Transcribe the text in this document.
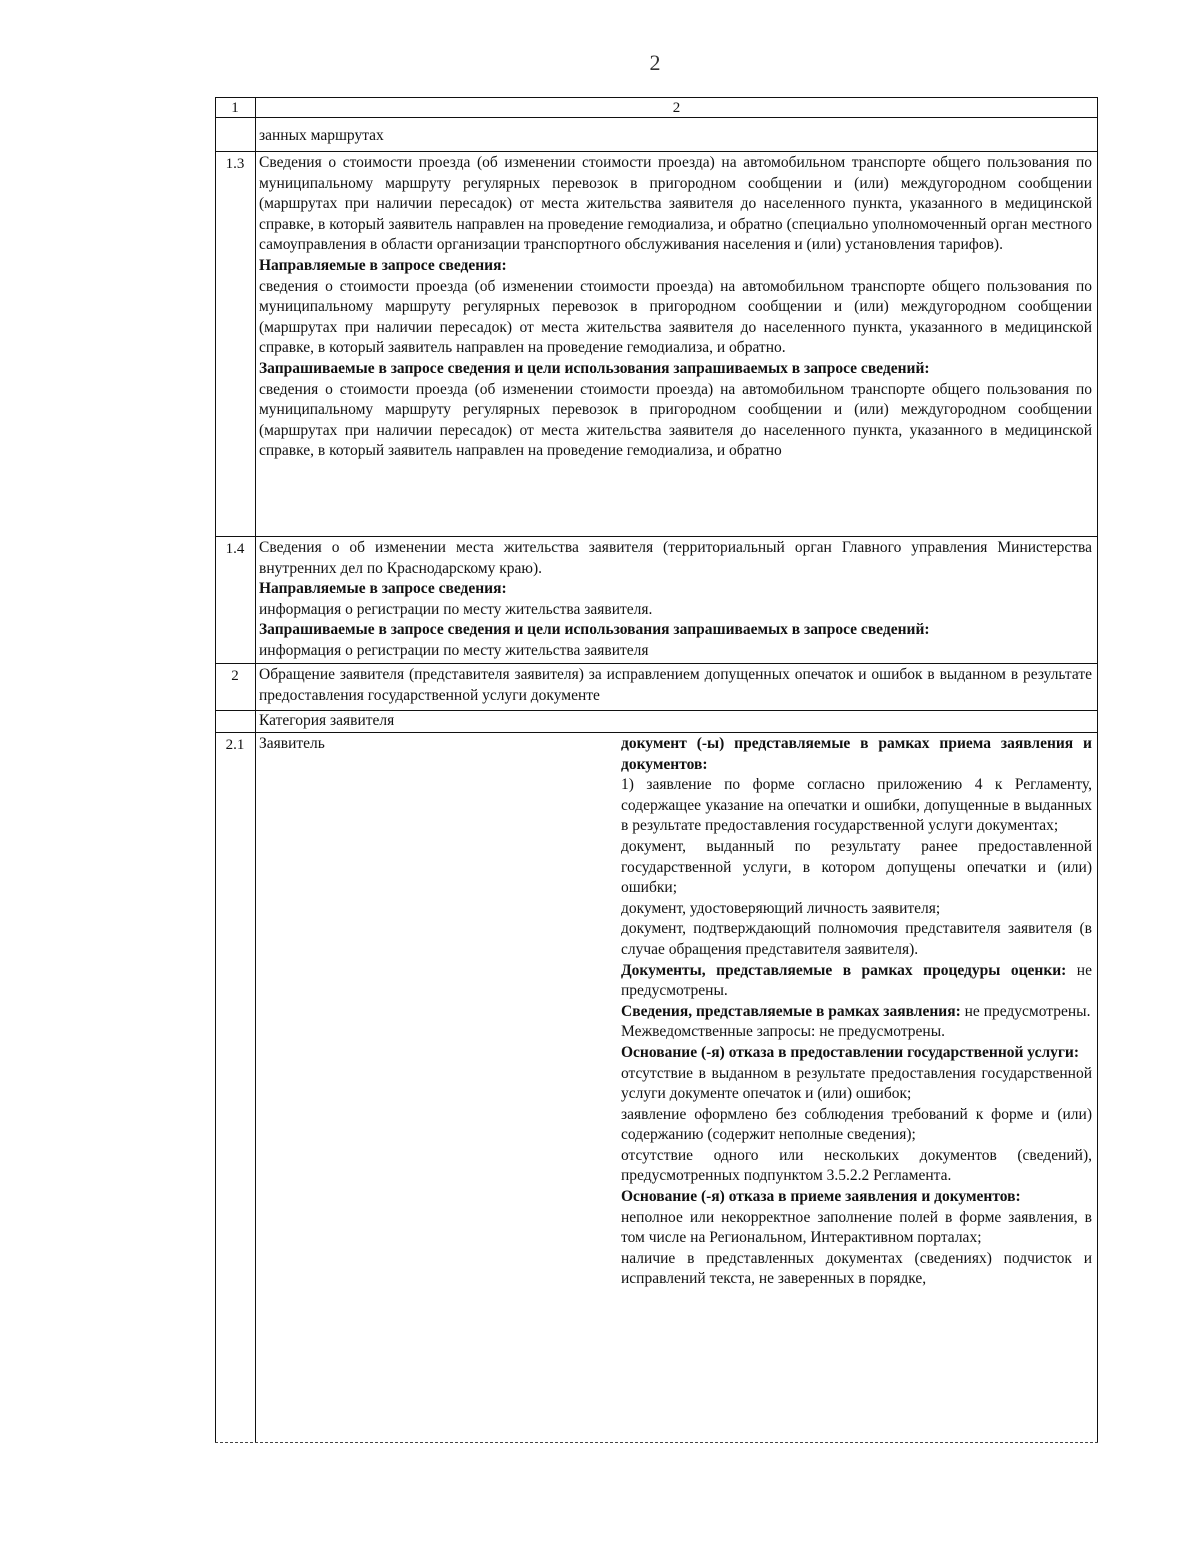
2
1	2
занных маршрутах
1.3 Сведения о стоимости проезда (об изменении стоимости проезда) на автомобильном транспорте общего пользования по муниципальному маршруту регулярных перевозок в пригородном сообщении и (или) междугородном сообщении (маршрутах при наличии пересадок) от места жительства заявителя до населенного пункта, указанного в медицинской справке, в который заявитель направлен на проведение гемодиализа, и обратно (специально уполномоченный орган местного самоуправления в области организации транспортного обслуживания населения и (или) установления тарифов).

Направляемые в запросе сведения:

сведения о стоимости проезда (об изменении стоимости проезда) на автомобильном транспорте общего пользования по муниципальному маршруту регулярных перевозок в пригородном сообщении и (или) междугородном сообщении (маршрутах при наличии пересадок) от места жительства заявителя до населенного пункта, указанного в медицинской справке, в который заявитель направлен на проведение гемодиализа, и обратно.

Запрашиваемые в запросе сведения и цели использования запрашиваемых в запросе сведений:

сведения о стоимости проезда (об изменении стоимости проезда) на автомобильном транспорте общего пользования по муниципальному маршруту регулярных перевозок в пригородном сообщении и (или) междугородном сообщении (маршрутах при наличии пересадок) от места жительства заявителя до населенного пункта, указанного в медицинской справке, в который заявитель направлен на проведение гемодиализа, и обратно

1.4 Сведения о об изменении места жительства заявителя (территориальный орган Главного управления Министерства внутренних дел по Краснодарскому краю).

Направляемые в запросе сведения:

информация о регистрации по месту жительства заявителя.

Запрашиваемые в запросе сведения и цели использования запрашиваемых в запросе сведений:

информация о регистрации по месту жительства заявителя

2	Обращение заявителя (представителя заявителя) за исправлением допущенных опечаток и ошибок в выданном в результате предоставления государственной услуги документе
Категория заявителя
2.1 Заявитель	документ (-ы) представляемые в рамках приема заявления и документов:

1) заявление по форме согласно приложению 4 к Регламенту, содержащее указание на опечатки и ошибки, допущенные в выданных в результате предоставления государственной услуги документах;

документ, выданный по результату ранее предоставленной государственной услуги, в котором допущены опечатки и (или) ошибки;

документ, удостоверяющий личность заявителя;

документ, подтверждающий полномочия представителя заявителя (в случае обращения представителя заявителя).

Документы, представляемые в рамках процедуры оценки: не предусмотрены.

Сведения, представляемые в рамках заявления: не предусмотрены.

Межведомственные запросы: не предусмотрены.

Основание (-я) отказа в предоставлении государственной услуги:

отсутствие в выданном в результате предоставления государственной услуги документе опечаток и (или) ошибок;

заявление оформлено без соблюдения требований к форме и (или) содержанию (содержит неполные сведения);

отсутствие одного или нескольких документов (сведений), предусмотренных подпунктом 3.5.2.2 Регламента.

Основание (-я) отказа в приеме заявления и документов:

неполное или некорректное заполнение полей в форме заявления, в том числе на Региональном, Интерактивном порталах;

наличие в представленных документах (сведениях) подчисток и исправлений текста, не заверенных в порядке,
